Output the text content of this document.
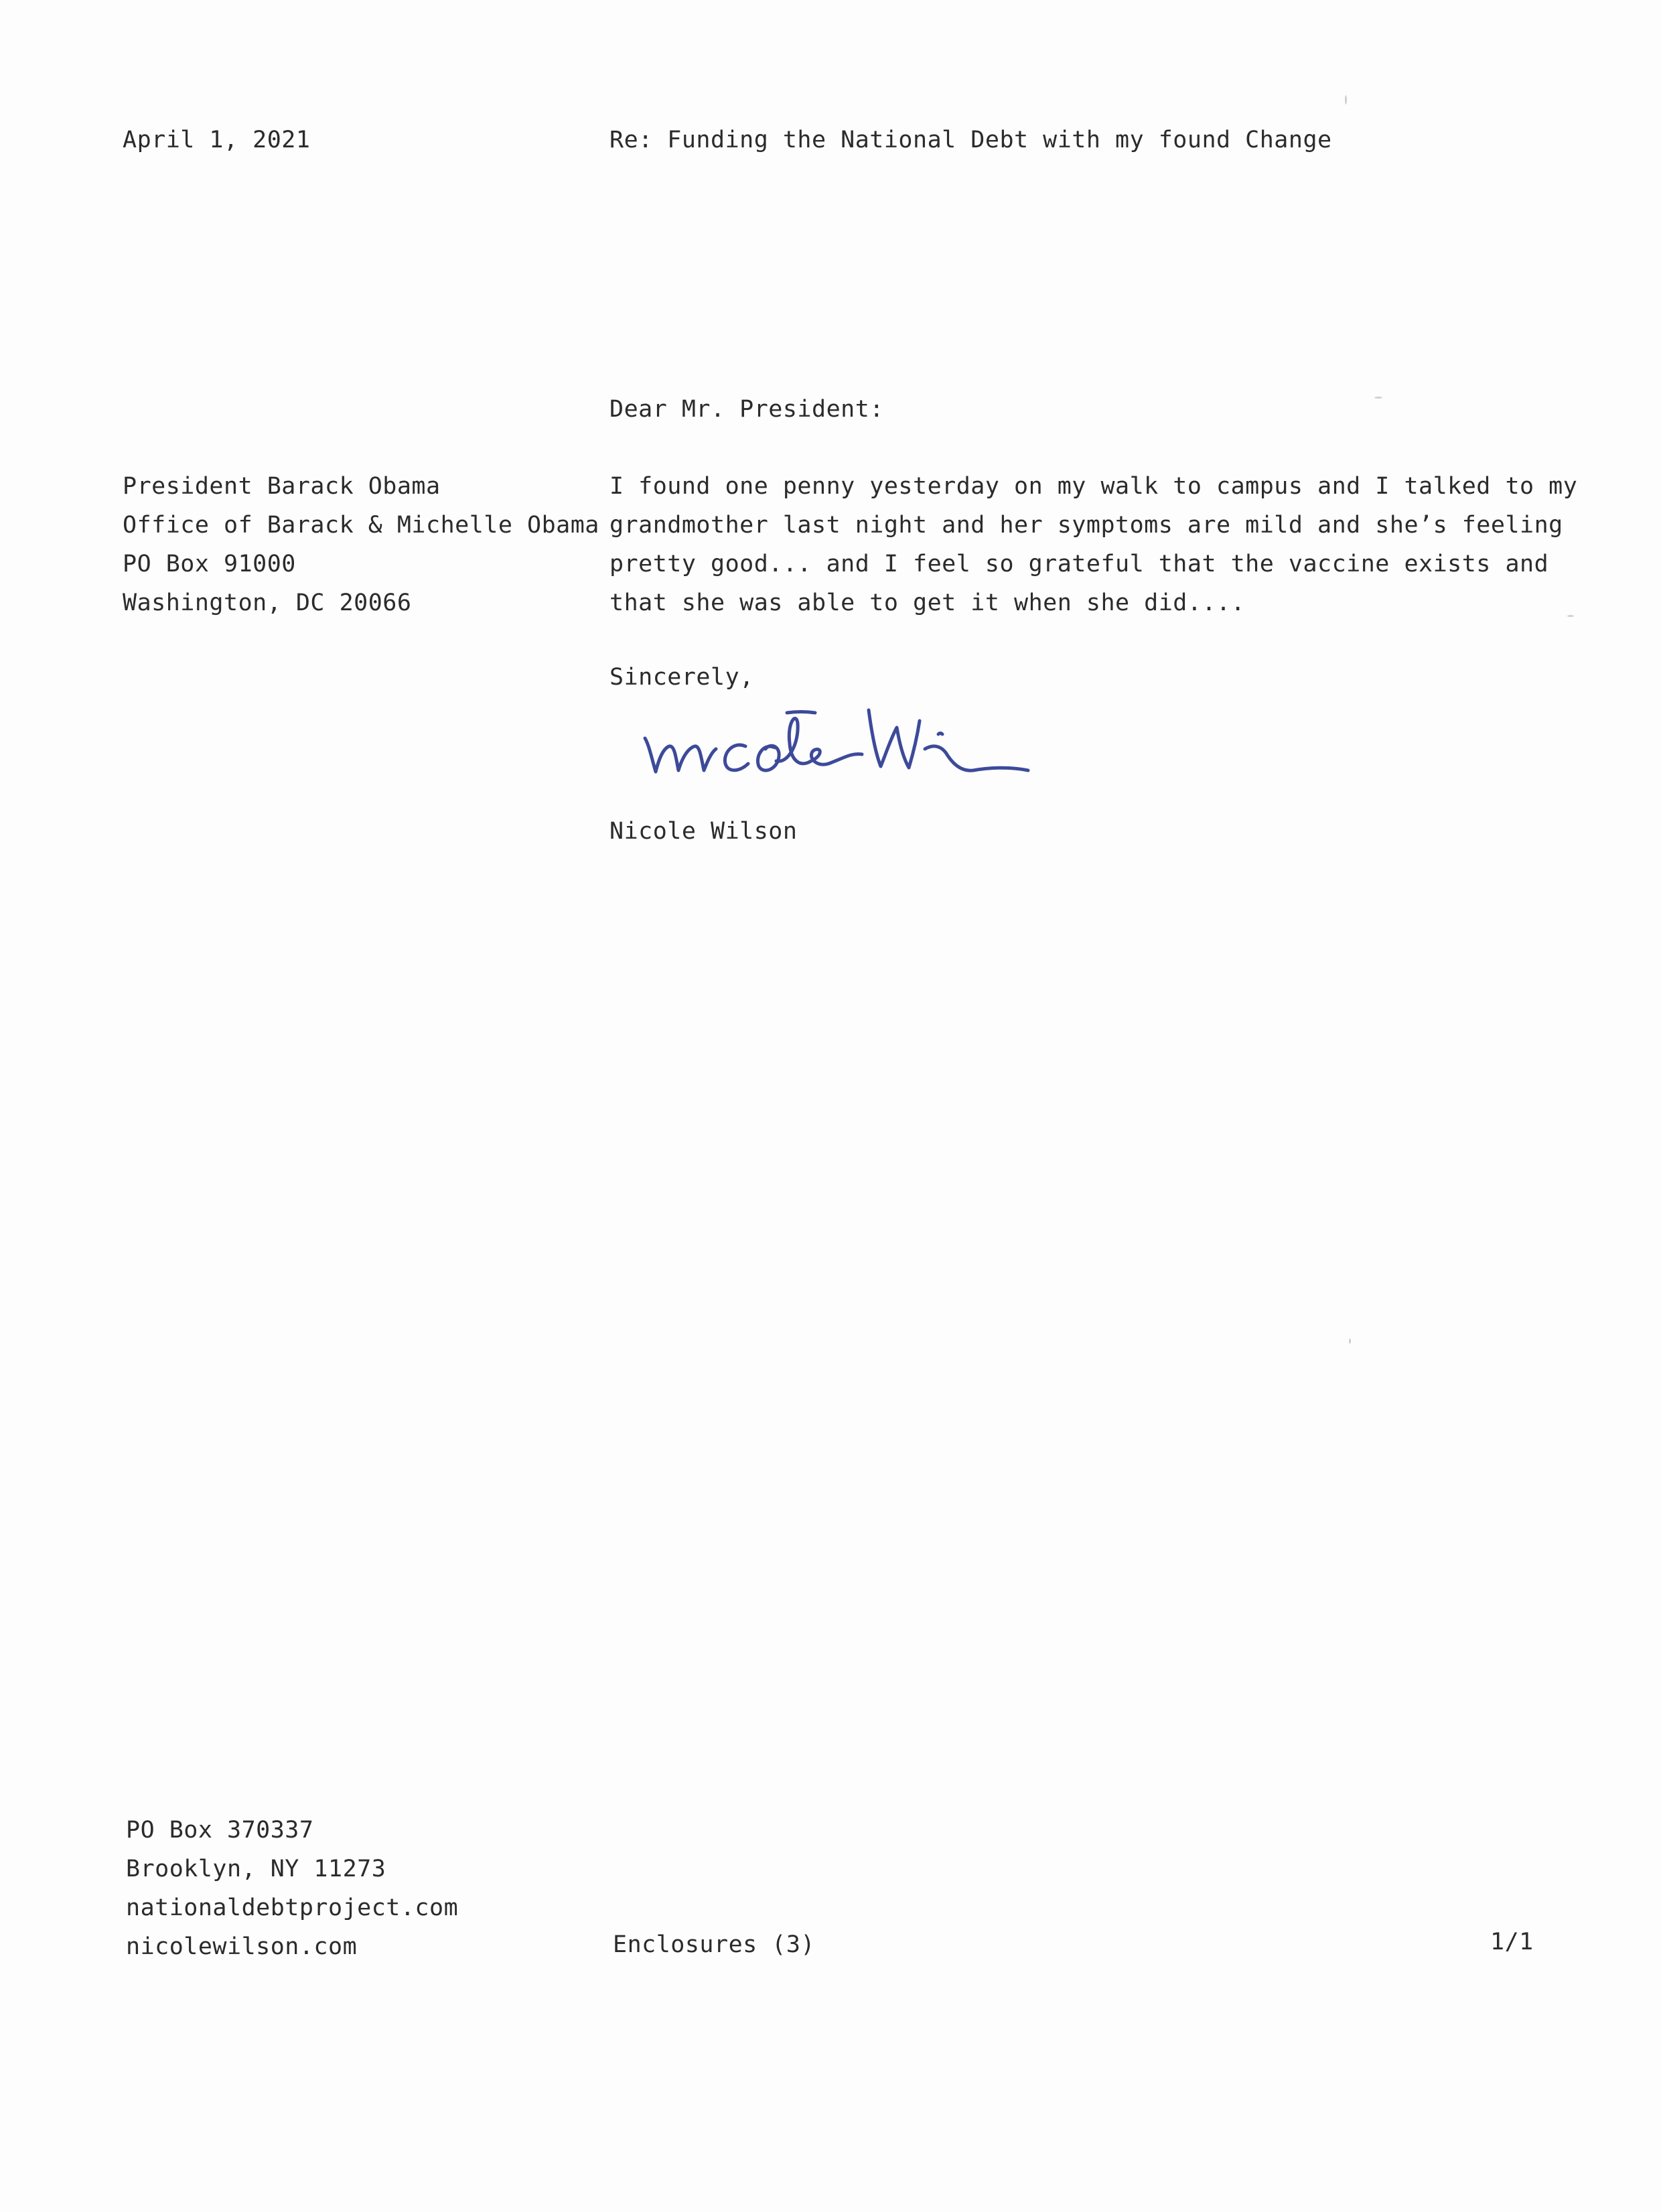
April 1, 2021	Re: Funding the National Debt with my found Change
Dear Mr. President:
President Barack Obama
Office of Barack & Michelle Obama
PO Box 91000
Washington, DC 20066
I found one penny yesterday on my walk to campus and I talked to my
grandmother last night and her symptoms are mild and she’s feeling
pretty good... and I feel so grateful that the vaccine exists and
that she was able to get it when she did....
Sincerely,
Nicole Wilson
PO Box 370337
Brooklyn, NY 11273
nationaldebtproject.com
nicolewilson.com	Enclosures (3)	1/1
